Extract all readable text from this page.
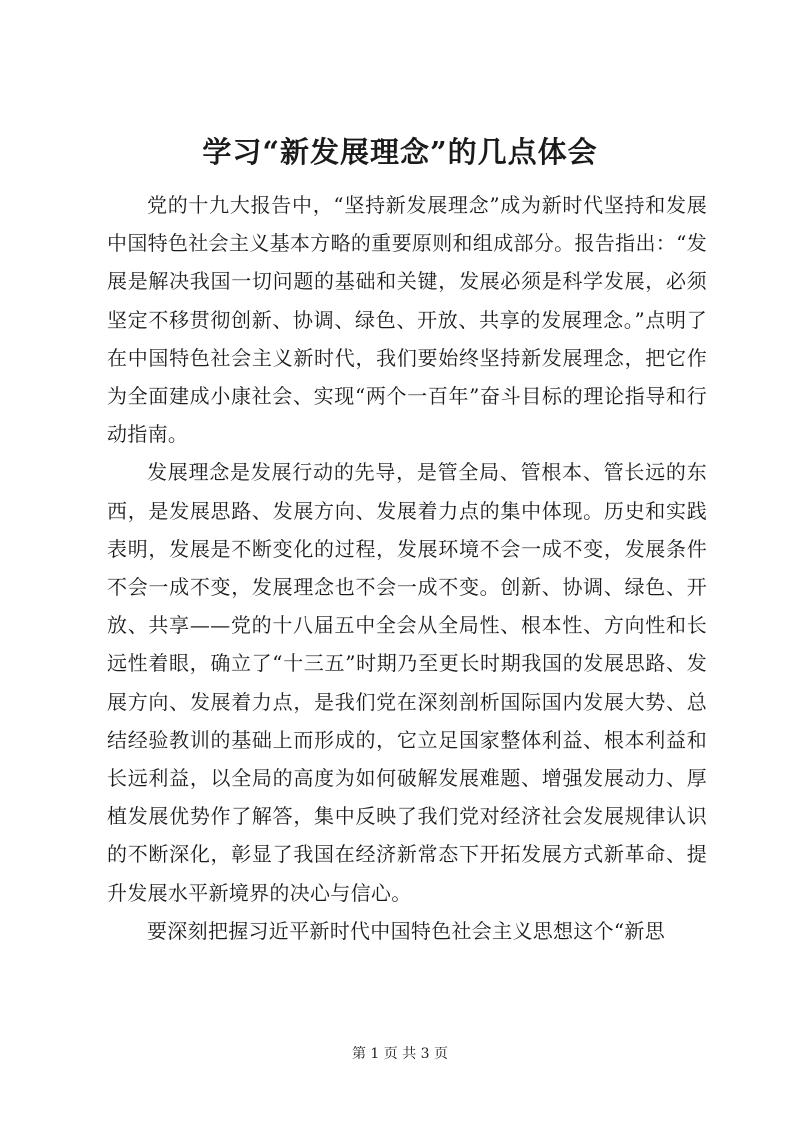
学习“新发展理念”的几点体会

党的十九大报告中，“坚持新发展理念”成为新时代坚持和发展中国特色社会主义基本方略的重要原则和组成部分。报告指出：“发展是解决我国一切问题的基础和关键，发展必须是科学发展，必须坚定不移贯彻创新、协调、绿色、开放、共享的发展理念。”点明了在中国特色社会主义新时代，我们要始终坚持新发展理念，把它作为全面建成小康社会、实现“两个一百年”奋斗目标的理论指导和行动指南。

发展理念是发展行动的先导，是管全局、管根本、管长远的东西，是发展思路、发展方向、发展着力点的集中体现。历史和实践表明，发展是不断变化的过程，发展环境不会一成不变，发展条件不会一成不变，发展理念也不会一成不变。创新、协调、绿色、开放、共享——党的十八届五中全会从全局性、根本性、方向性和长远性着眼，确立了“十三五”时期乃至更长时期我国的发展思路、发展方向、发展着力点，是我们党在深刻剖析国际国内发展大势、总结经验教训的基础上而形成的，它立足国家整体利益、根本利益和长远利益，以全局的高度为如何破解发展难题、增强发展动力、厚植发展优势作了解答，集中反映了我们党对经济社会发展规律认识的不断深化，彰显了我国在经济新常态下开拓发展方式新革命、提升发展水平新境界的决心与信心。

要深刻把握习近平新时代中国特色社会主义思想这个“新思

第 1 页 共 3 页
